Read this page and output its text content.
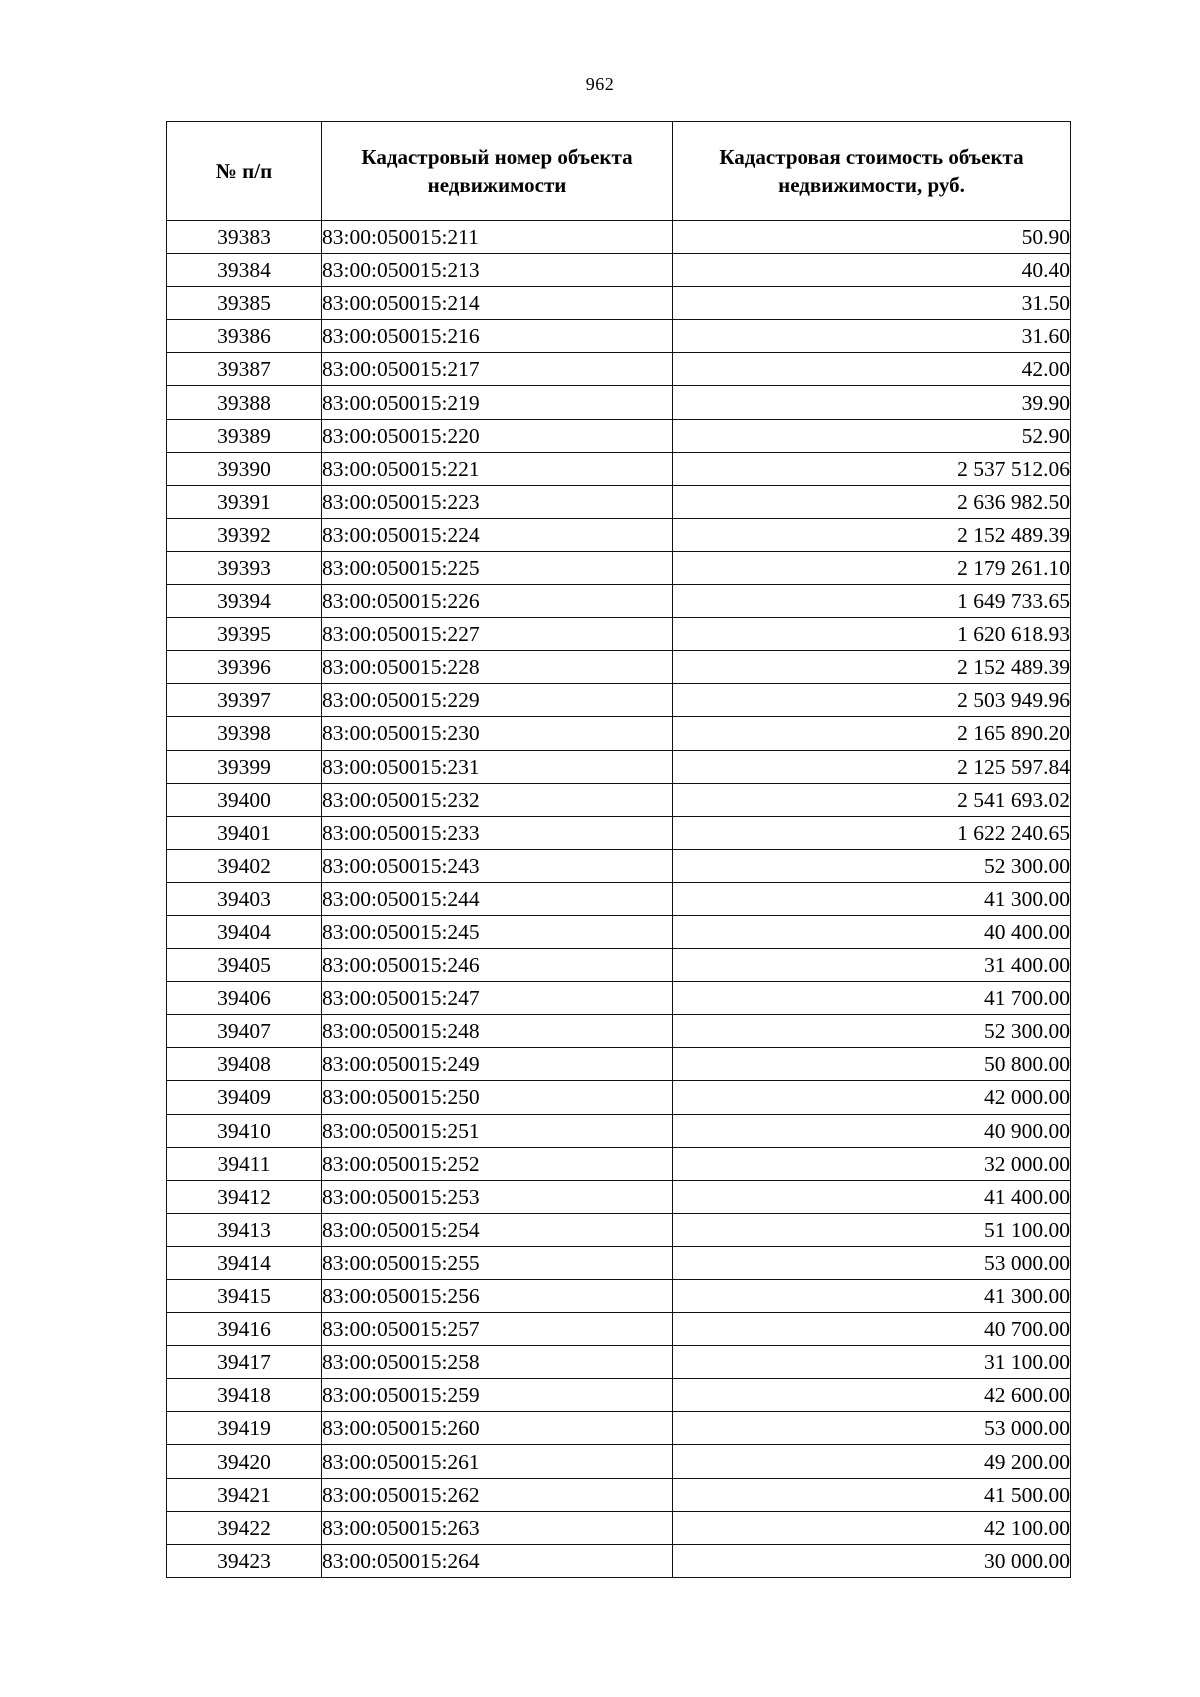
962
№ п/п	Кадастровый номер объекта недвижимости	Кадастровая стоимость объекта недвижимости, руб.
39383	83:00:050015:211	50.90
39384	83:00:050015:213	40.40
39385	83:00:050015:214	31.50
39386	83:00:050015:216	31.60
39387	83:00:050015:217	42.00
39388	83:00:050015:219	39.90
39389	83:00:050015:220	52.90
39390	83:00:050015:221	2 537 512.06
39391	83:00:050015:223	2 636 982.50
39392	83:00:050015:224	2 152 489.39
39393	83:00:050015:225	2 179 261.10
39394	83:00:050015:226	1 649 733.65
39395	83:00:050015:227	1 620 618.93
39396	83:00:050015:228	2 152 489.39
39397	83:00:050015:229	2 503 949.96
39398	83:00:050015:230	2 165 890.20
39399	83:00:050015:231	2 125 597.84
39400	83:00:050015:232	2 541 693.02
39401	83:00:050015:233	1 622 240.65
39402	83:00:050015:243	52 300.00
39403	83:00:050015:244	41 300.00
39404	83:00:050015:245	40 400.00
39405	83:00:050015:246	31 400.00
39406	83:00:050015:247	41 700.00
39407	83:00:050015:248	52 300.00
39408	83:00:050015:249	50 800.00
39409	83:00:050015:250	42 000.00
39410	83:00:050015:251	40 900.00
39411	83:00:050015:252	32 000.00
39412	83:00:050015:253	41 400.00
39413	83:00:050015:254	51 100.00
39414	83:00:050015:255	53 000.00
39415	83:00:050015:256	41 300.00
39416	83:00:050015:257	40 700.00
39417	83:00:050015:258	31 100.00
39418	83:00:050015:259	42 600.00
39419	83:00:050015:260	53 000.00
39420	83:00:050015:261	49 200.00
39421	83:00:050015:262	41 500.00
39422	83:00:050015:263	42 100.00
39423	83:00:050015:264	30 000.00
